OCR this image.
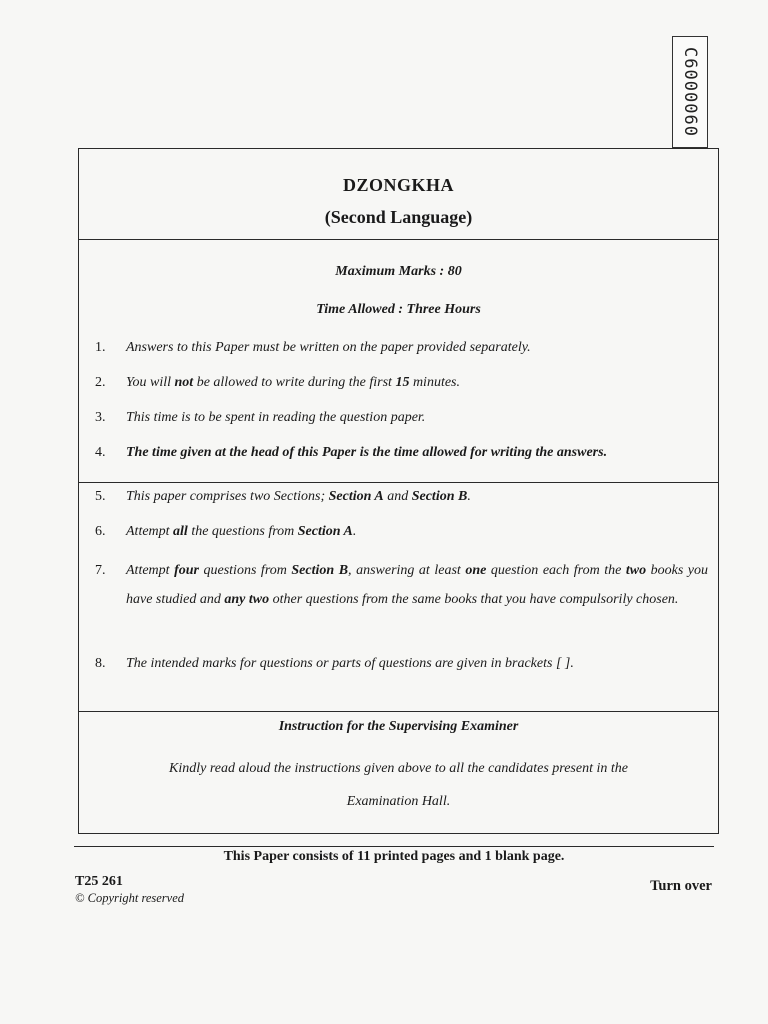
C6000060
DZONGKHA
(Second Language)
Maximum Marks : 80
Time Allowed : Three Hours
1.	Answers to this Paper must be written on the paper provided separately.
2.	You will not be allowed to write during the first 15 minutes.
3.	This time is to be spent in reading the question paper.
4.	The time given at the head of this Paper is the time allowed for writing the answers.
5.	This paper comprises two Sections; Section A and Section B.
6.	Attempt all the questions from Section A.
7.	Attempt four questions from Section B, answering at least one question each from the two books you have studied and any two other questions from the same books that you have compulsorily chosen.
8.	The intended marks for questions or parts of questions are given in brackets [ ].
Instruction for the Supervising Examiner
Kindly read aloud the instructions given above to all the candidates present in the
Examination Hall.
This Paper consists of 11 printed pages and 1 blank page.
T25 261
© Copyright reserved
Turn over
